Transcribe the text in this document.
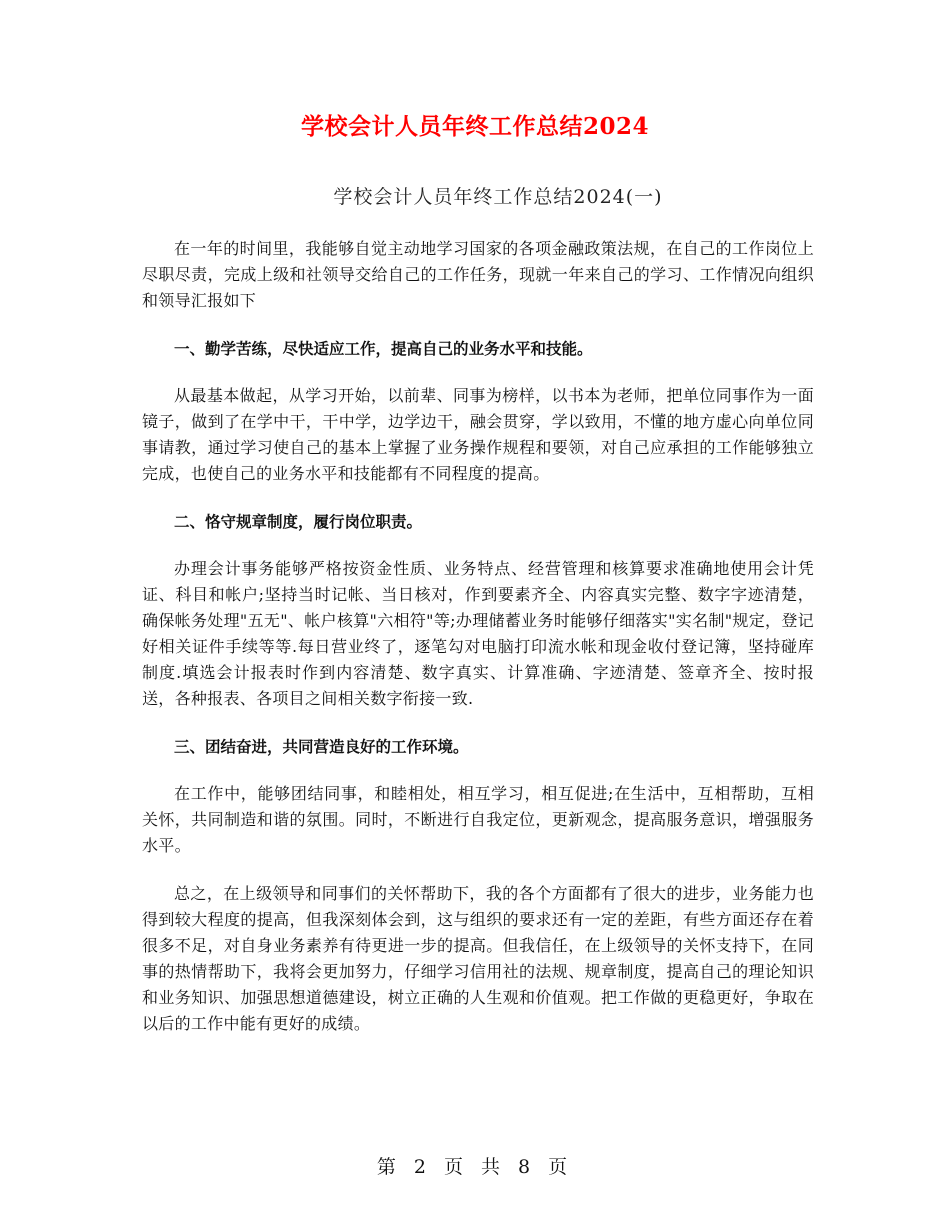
学校会计人员年终工作总结2024
学校会计人员年终工作总结2024(一)

在一年的时间里，我能够自觉主动地学习国家的各项金融政策法规，在自己的工作岗位上尽职尽责，完成上级和社领导交给自己的工作任务，现就一年来自己的学习、工作情况向组织和领导汇报如下

一、勤学苦练，尽快适应工作，提高自己的业务水平和技能。

从最基本做起，从学习开始，以前辈、同事为榜样，以书本为老师，把单位同事作为一面镜子，做到了在学中干，干中学，边学边干，融会贯穿，学以致用，不懂的地方虚心向单位同事请教，通过学习使自己的基本上掌握了业务操作规程和要领，对自己应承担的工作能够独立完成，也使自己的业务水平和技能都有不同程度的提高。

二、恪守规章制度，履行岗位职责。

办理会计事务能够严格按资金性质、业务特点、经营管理和核算要求准确地使用会计凭证、科目和帐户;坚持当时记帐、当日核对，作到要素齐全、内容真实完整、数字字迹清楚，确保帐务处理"五无"、帐户核算"六相符"等;办理储蓄业务时能够仔细落实"实名制"规定，登记好相关证件手续等等.每日营业终了，逐笔勾对电脑打印流水帐和现金收付登记簿，坚持碰库制度.填选会计报表时作到内容清楚、数字真实、计算准确、字迹清楚、签章齐全、按时报送，各种报表、各项目之间相关数字衔接一致.

三、团结奋进，共同营造良好的工作环境。

在工作中，能够团结同事，和睦相处，相互学习，相互促进;在生活中，互相帮助，互相关怀，共同制造和谐的氛围。同时，不断进行自我定位，更新观念，提高服务意识，增强服务水平。

总之，在上级领导和同事们的关怀帮助下，我的各个方面都有了很大的进步，业务能力也得到较大程度的提高，但我深刻体会到，这与组织的要求还有一定的差距，有些方面还存在着很多不足，对自身业务素养有待更进一步的提高。但我信任，在上级领导的关怀支持下，在同事的热情帮助下，我将会更加努力，仔细学习信用社的法规、规章制度，提高自己的理论知识和业务知识、加强思想道德建设，树立正确的人生观和价值观。把工作做的更稳更好，争取在以后的工作中能有更好的成绩。

第 2 页 共 8 页
